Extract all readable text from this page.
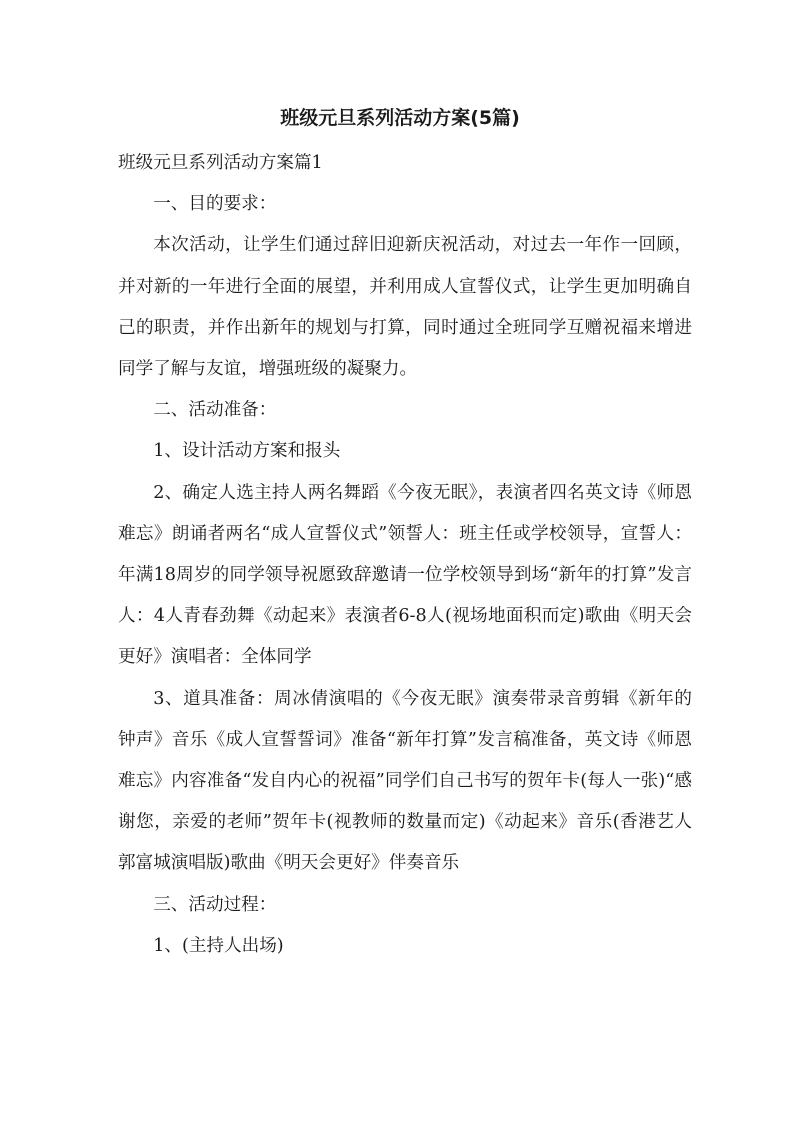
班级元旦系列活动方案(5篇)

班级元旦系列活动方案篇1

一、目的要求：

本次活动，让学生们通过辞旧迎新庆祝活动，对过去一年作一回顾，并对新的一年进行全面的展望，并利用成人宣誓仪式，让学生更加明确自己的职责，并作出新年的规划与打算，同时通过全班同学互赠祝福来增进同学了解与友谊，增强班级的凝聚力。

二、活动准备：

1、设计活动方案和报头

2、确定人选主持人两名舞蹈《今夜无眠》，表演者四名英文诗《师恩难忘》朗诵者两名“成人宣誓仪式”领誓人：班主任或学校领导，宣誓人：年满18周岁的同学领导祝愿致辞邀请一位学校领导到场“新年的打算”发言人：4人青春劲舞《动起来》表演者6-8人(视场地面积而定)歌曲《明天会更好》演唱者：全体同学

3、道具准备：周冰倩演唱的《今夜无眠》演奏带录音剪辑《新年的钟声》音乐《成人宣誓誓词》准备“新年打算”发言稿准备，英文诗《师恩难忘》内容准备“发自内心的祝福”同学们自己书写的贺年卡(每人一张)“感谢您，亲爱的老师”贺年卡(视教师的数量而定)《动起来》音乐(香港艺人郭富城演唱版)歌曲《明天会更好》伴奏音乐

三、活动过程：

1、(主持人出场)
